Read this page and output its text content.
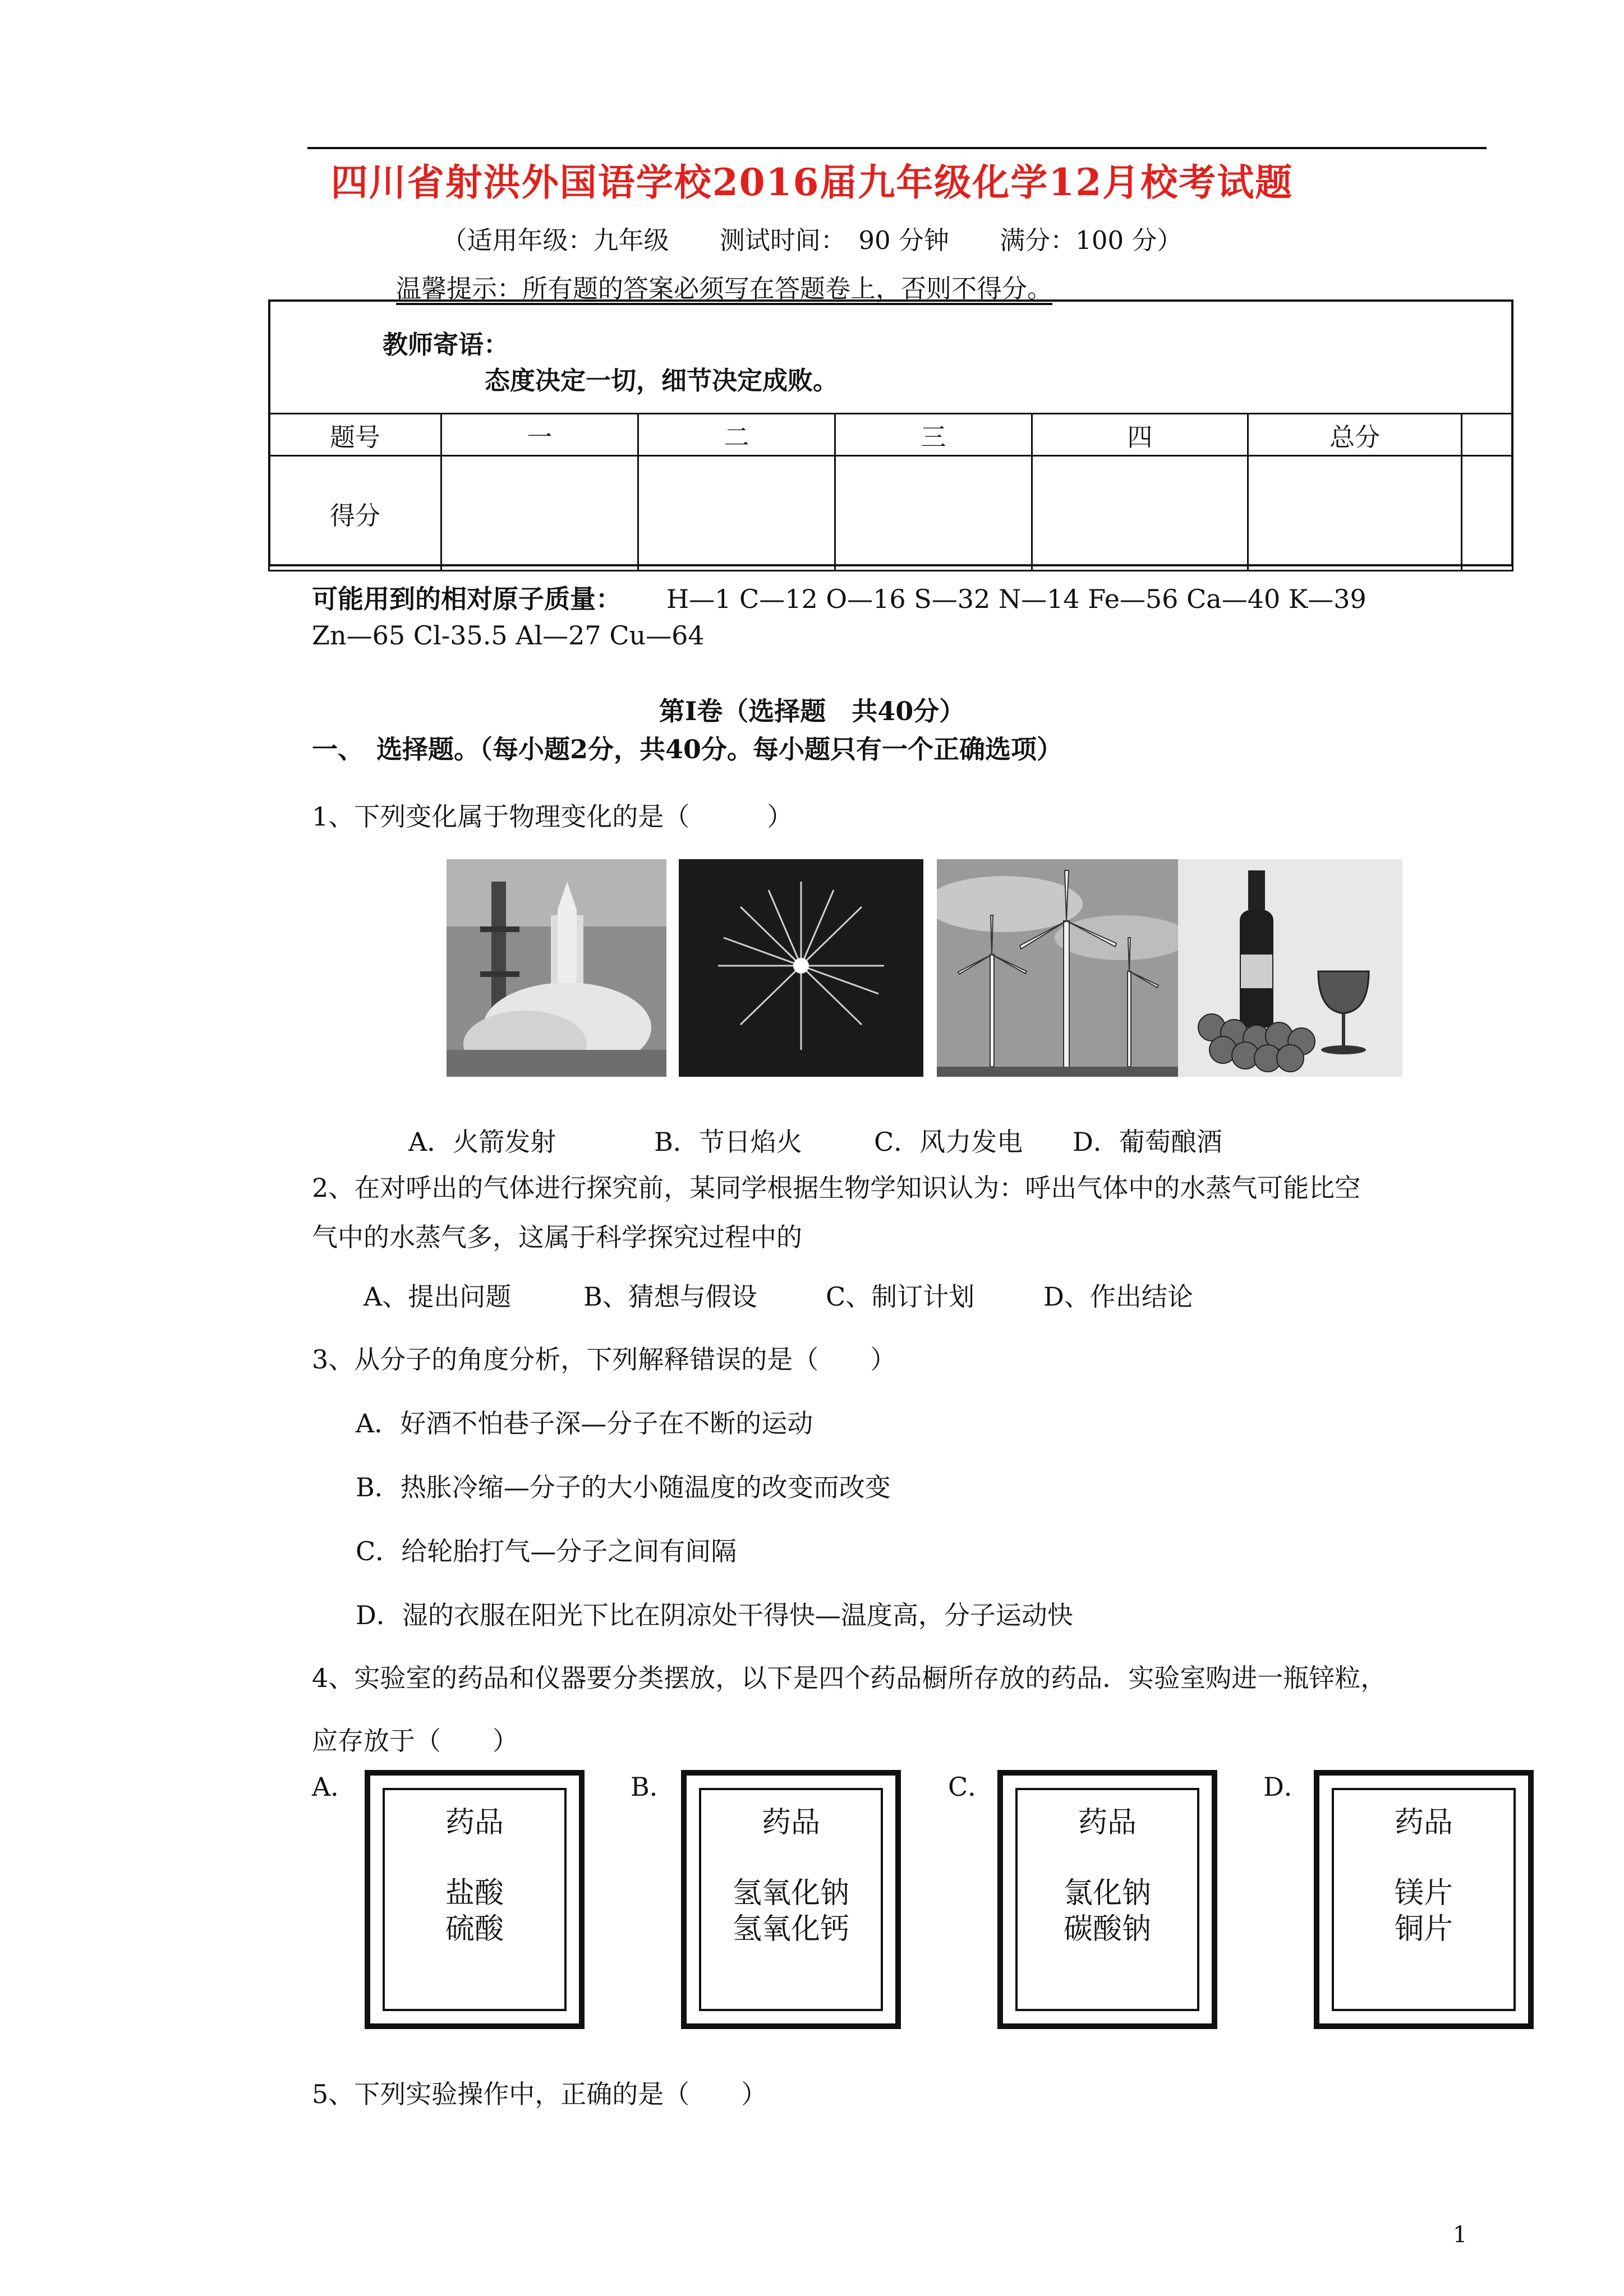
四川省射洪外国语学校2016届九年级化学12月校考试题
（适用年级：九年级 测试时间：　90 分钟 满分：100 分）
温馨提示：所有题的答案必须写在答题卷上，否则不得分。
教师寄语：
态度决定一切，细节决定成败。
题号	一	二	三	四	总分	
得分						
可能用到的相对原子质量： H—1 C—12 O—16 S—32 N—14 Fe—56 Ca—40 K—39
Zn—65 Cl-35.5 Al—27 Cu—64
第Ⅰ卷（选择题　共40分）
一、　选择题。（每小题2分，共40分。每小题只有一个正确选项）
1、下列变化属于物理变化的是（　　　）
A．火箭发射	B．节日焰火	C．风力发电 D．葡萄酿酒
2、在对呼出的气体进行探究前，某同学根据生物学知识认为：呼出气体中的水蒸气可能比空
气中的水蒸气多，这属于科学探究过程中的
A、提出问题	B、猜想与假设	C、制订计划	D、作出结论
3、从分子的角度分析，下列解释错误的是（　　）
A．好酒不怕巷子深—分子在不断的运动
B．热胀冷缩—分子的大小随温度的改变而改变
C．给轮胎打气—分子之间有间隔
D．湿的衣服在阳光下比在阴凉处干得快—温度高，分子运动快
4、实验室的药品和仪器要分类摆放，以下是四个药品橱所存放的药品．实验室购进一瓶锌粒，
应存放于（　　）
A．
药品
盐酸
硫酸
B．
药品
氢氧化钠
氢氧化钙
C．
药品
氯化钠
碳酸钠
D．
药品
镁片
铜片
5、下列实验操作中，正确的是（　　）
1
